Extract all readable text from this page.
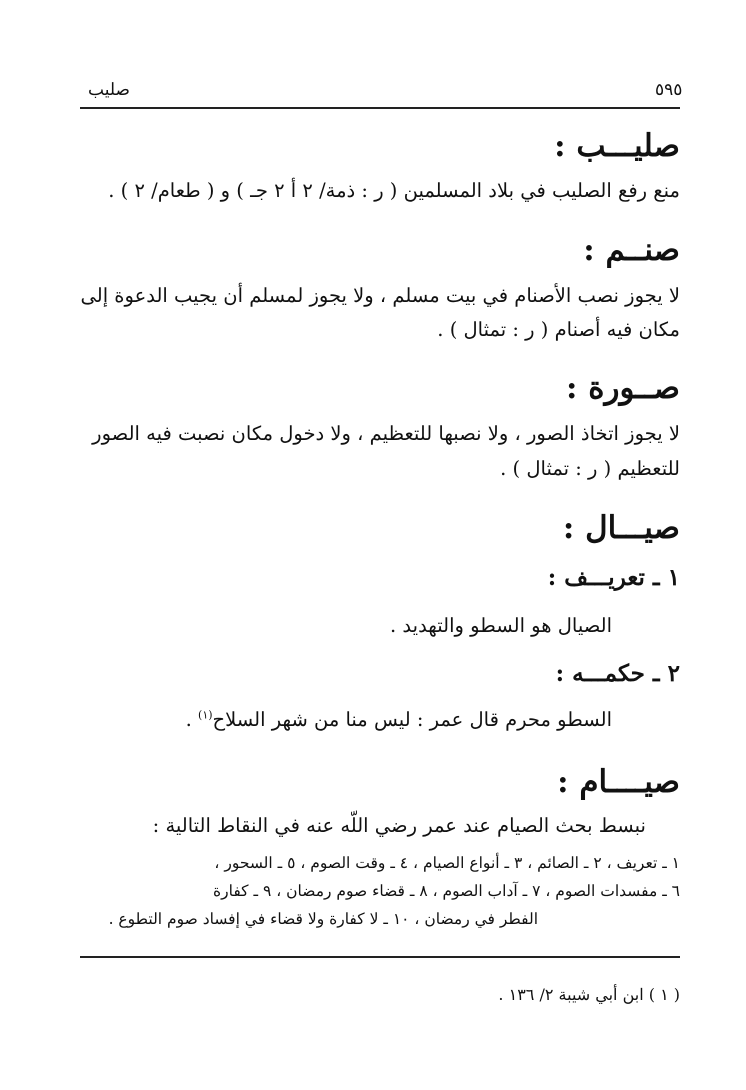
٥٩٥
صليب
صليـــب :
منع رفع الصليب في بلاد المسلمين ( ر : ذمة/ ٢ أ ٢ جـ ) و ( طعام/ ٢ ) .
صنــم :
لا يجوز نصب الأصنام في بيت مسلم ، ولا يجوز لمسلم أن يجيب الدعوة إلى
مكان فيه أصنام ( ر : تمثال ) .
صــورة :
لا يجوز اتخاذ الصور ، ولا نصبها للتعظيم ، ولا دخول مكان نصبت فيه الصور
للتعظيم ( ر : تمثال ) .
صيـــال :
١ ـ تعريـــف :
الصيال هو السطو والتهديد .
٢ ـ حكمـــه :
السطو محرم قال عمر : ليس منا من شهر السلاح$^{(١)}$ .
صيــــام :
نبسط بحث الصيام عند عمر رضي اللّه عنه في النقاط التالية :
١ ـ تعريف ، ٢ ـ الصائم ، ٣ ـ أنواع الصيام ، ٤ ـ وقت الصوم ، ٥ ـ السحور ،
٦ ـ مفسدات الصوم ، ٧ ـ آداب الصوم ، ٨ ـ قضاء صوم رمضان ، ٩ ـ كفارة
الفطر في رمضان ، ١٠ ـ لا كفارة ولا قضاء في إفساد صوم التطوع .
( ١ ) ابن أبي شيبة ٢/ ١٣٦ .
